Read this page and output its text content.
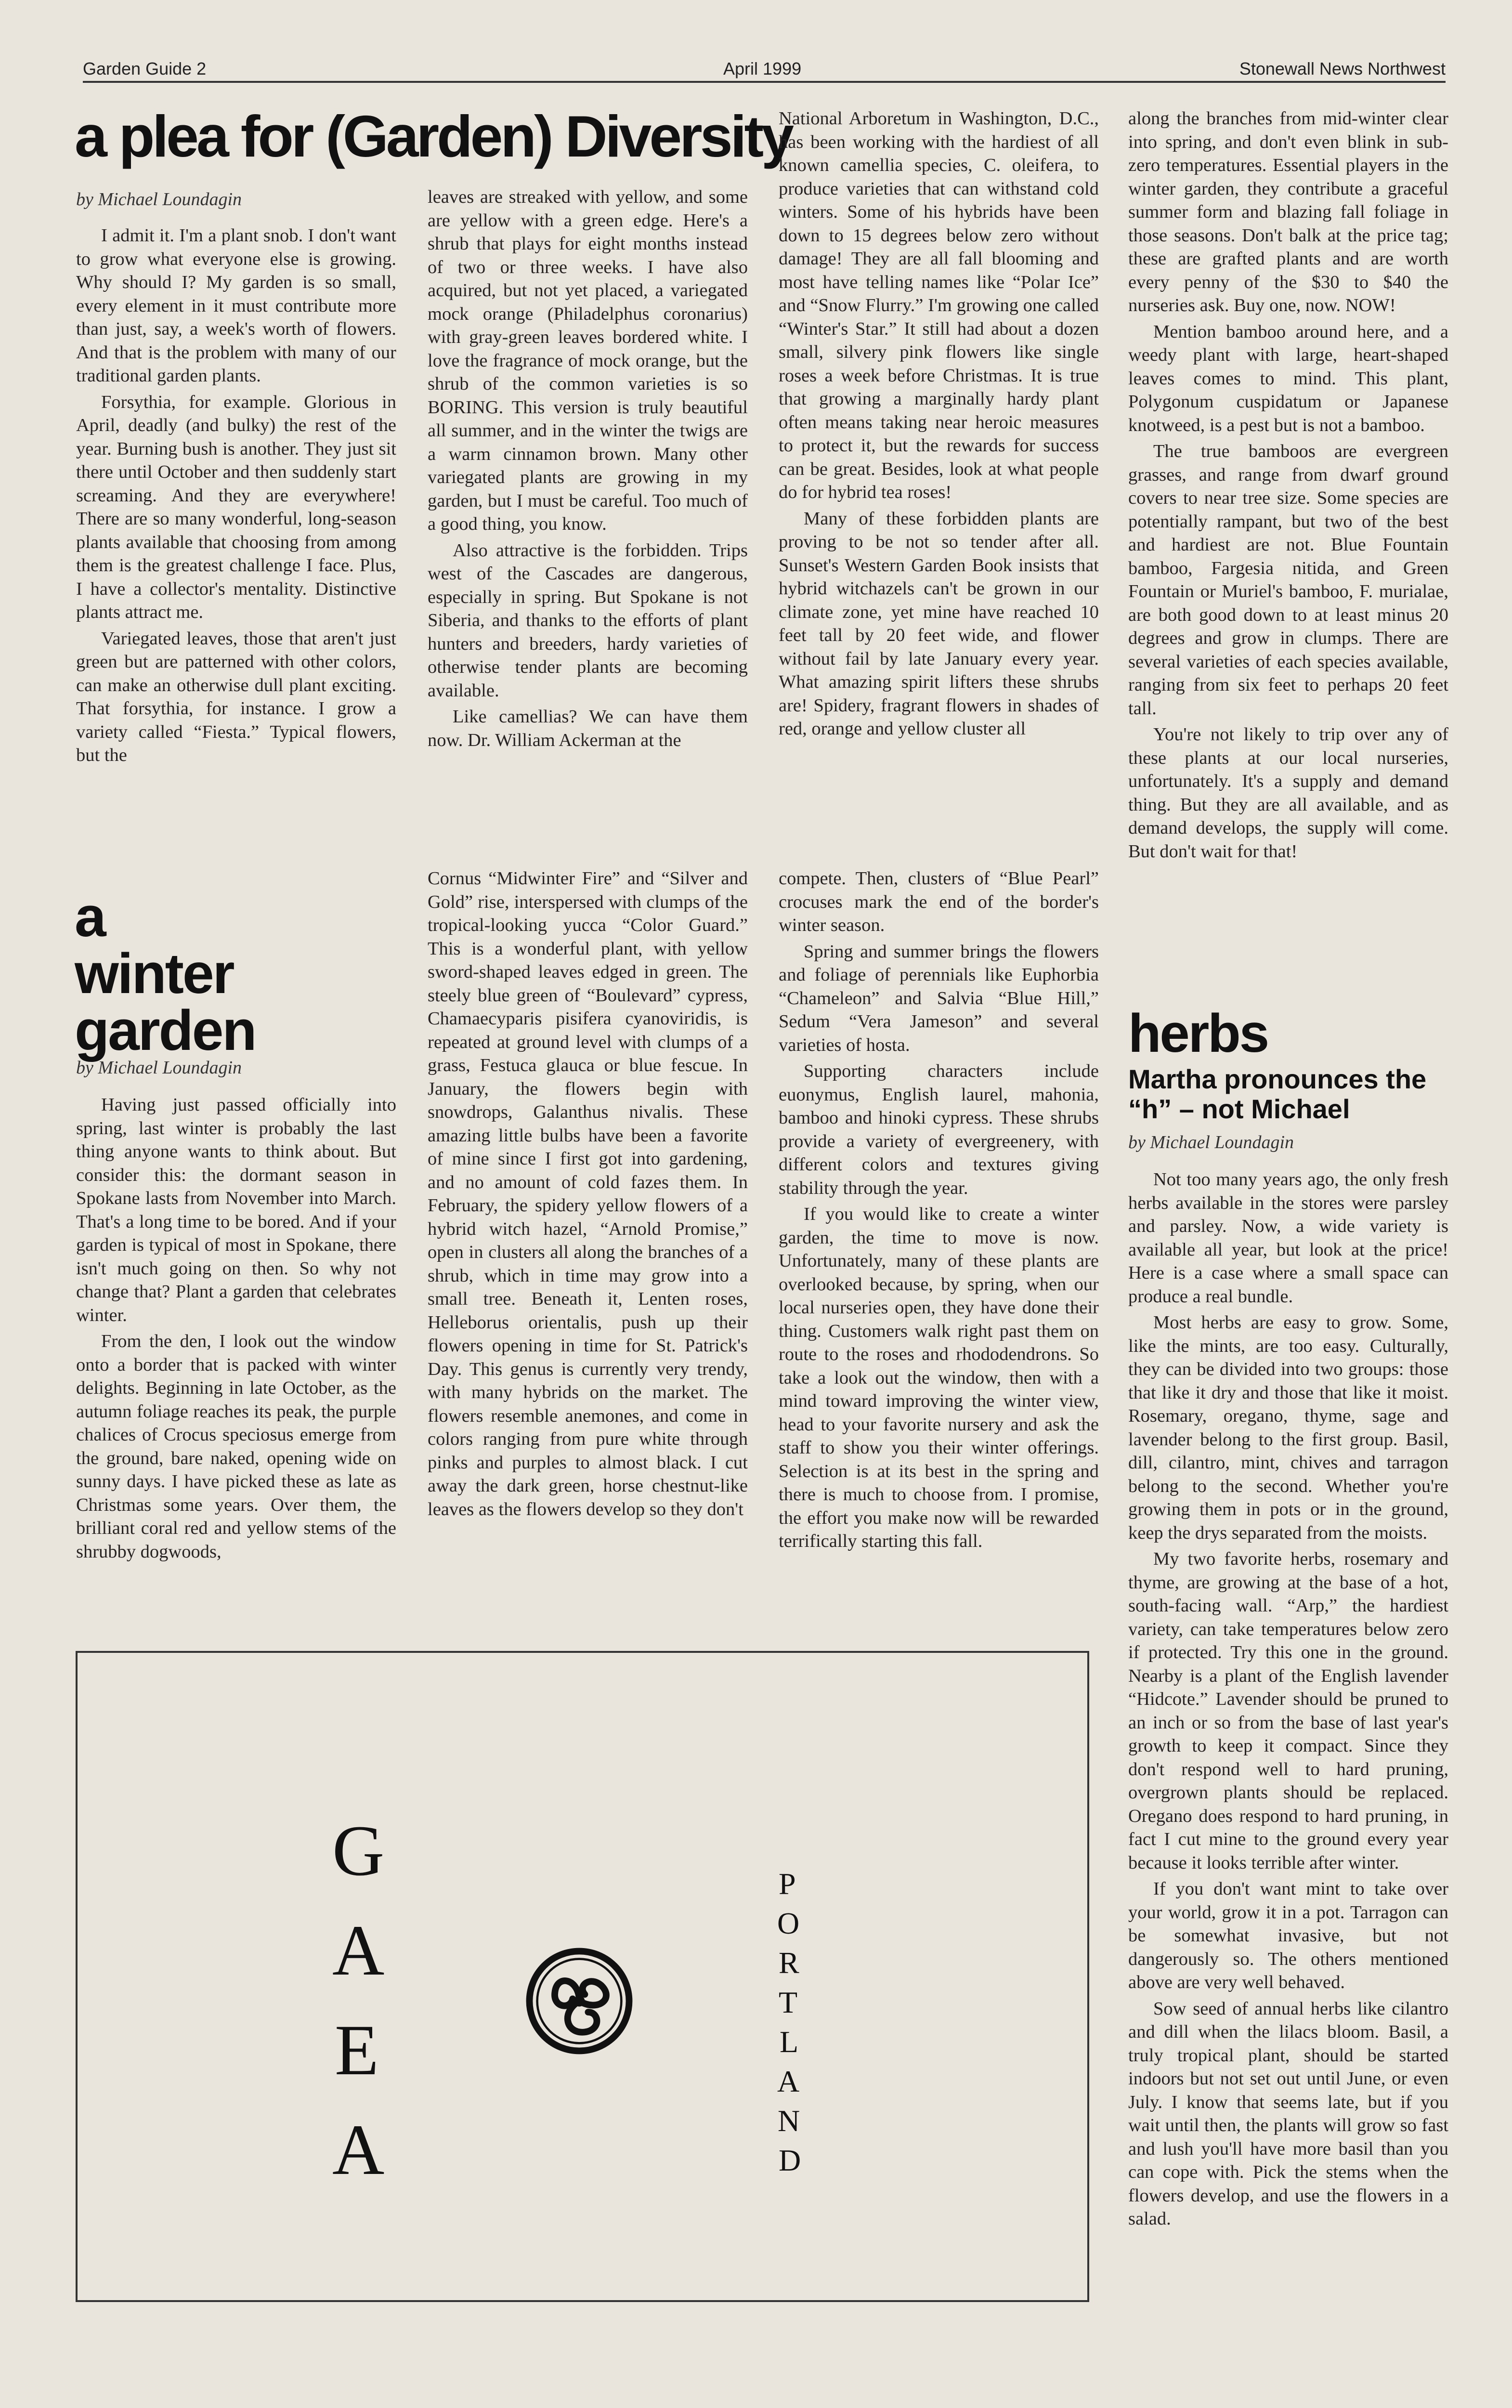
Garden Guide 2	April 1999	Stonewall News Northwest
a plea for (Garden) Diversity

by Michael Loundagin

I admit it. I'm a plant snob. I don't want to grow what everyone else is growing. Why should I? My garden is so small, every element in it must contribute more than just, say, a week's worth of flowers. And that is the problem with many of our traditional garden plants.

Forsythia, for example. Glorious in April, deadly (and bulky) the rest of the year. Burning bush is another. They just sit there until October and then suddenly start screaming. And they are everywhere! There are so many wonderful, long-season plants available that choosing from among them is the greatest challenge I face. Plus, I have a collector's mentality. Distinctive plants attract me.

Variegated leaves, those that aren't just green but are patterned with other colors, can make an otherwise dull plant exciting. That forsythia, for instance. I grow a variety called “Fiesta.” Typical flowers, but the

leaves are streaked with yellow, and some are yellow with a green edge. Here's a shrub that plays for eight months instead of two or three weeks. I have also acquired, but not yet placed, a variegated mock orange (Philadelphus coronarius) with gray-green leaves bordered white. I love the fragrance of mock orange, but the shrub of the common varieties is so BORING. This version is truly beautiful all summer, and in the winter the twigs are a warm cinnamon brown. Many other variegated plants are growing in my garden, but I must be careful. Too much of a good thing, you know.

Also attractive is the forbidden. Trips west of the Cascades are dangerous, especially in spring. But Spokane is not Siberia, and thanks to the efforts of plant hunters and breeders, hardy varieties of otherwise tender plants are becoming available.

Like camellias? We can have them now. Dr. William Ackerman at the

National Arboretum in Washington, D.C., has been working with the hardiest of all known camellia species, C. oleifera, to produce varieties that can withstand cold winters. Some of his hybrids have been down to 15 degrees below zero without damage! They are all fall blooming and most have telling names like “Polar Ice” and “Snow Flurry.” I'm growing one called “Winter's Star.” It still had about a dozen small, silvery pink flowers like single roses a week before Christmas. It is true that growing a marginally hardy plant often means taking near heroic measures to protect it, but the rewards for success can be great. Besides, look at what people do for hybrid tea roses!

Many of these forbidden plants are proving to be not so tender after all. Sunset's Western Garden Book insists that hybrid witchazels can't be grown in our climate zone, yet mine have reached 10 feet tall by 20 feet wide, and flower without fail by late January every year. What amazing spirit lifters these shrubs are! Spidery, fragrant flowers in shades of red, orange and yellow cluster all

along the branches from mid-winter clear into spring, and don't even blink in sub-zero temperatures. Essential players in the winter garden, they contribute a graceful summer form and blazing fall foliage in those seasons. Don't balk at the price tag; these are grafted plants and are worth every penny of the $30 to $40 the nurseries ask. Buy one, now. NOW!

Mention bamboo around here, and a weedy plant with large, heart-shaped leaves comes to mind. This plant, Polygonum cuspidatum or Japanese knotweed, is a pest but is not a bamboo.

The true bamboos are evergreen grasses, and range from dwarf ground covers to near tree size. Some species are potentially rampant, but two of the best and hardiest are not. Blue Fountain bamboo, Fargesia nitida, and Green Fountain or Muriel's bamboo, F. murialae, are both good down to at least minus 20 degrees and grow in clumps. There are several varieties of each species available, ranging from six feet to perhaps 20 feet tall.

You're not likely to trip over any of these plants at our local nurseries, unfortunately. It's a supply and demand thing. But they are all available, and as demand develops, the supply will come. But don't wait for that!

a
winter
garden

by Michael Loundagin

Having just passed officially into spring, last winter is probably the last thing anyone wants to think about. But consider this: the dormant season in Spokane lasts from November into March. That's a long time to be bored. And if your garden is typical of most in Spokane, there isn't much going on then. So why not change that? Plant a garden that celebrates winter.

From the den, I look out the window onto a border that is packed with winter delights. Beginning in late October, as the autumn foliage reaches its peak, the purple chalices of Crocus speciosus emerge from the ground, bare naked, opening wide on sunny days. I have picked these as late as Christmas some years. Over them, the brilliant coral red and yellow stems of the shrubby dogwoods,

Cornus “Midwinter Fire” and “Silver and Gold” rise, interspersed with clumps of the tropical-looking yucca “Color Guard.” This is a wonderful plant, with yellow sword-shaped leaves edged in green. The steely blue green of “Boulevard” cypress, Chamaecyparis pisifera cyanoviridis, is repeated at ground level with clumps of a grass, Festuca glauca or blue fescue. In January, the flowers begin with snowdrops, Galanthus nivalis. These amazing little bulbs have been a favorite of mine since I first got into gardening, and no amount of cold fazes them. In February, the spidery yellow flowers of a hybrid witch hazel, “Arnold Promise,” open in clusters all along the branches of a shrub, which in time may grow into a small tree. Beneath it, Lenten roses, Helleborus orientalis, push up their flowers opening in time for St. Patrick's Day. This genus is currently very trendy, with many hybrids on the market. The flowers resemble anemones, and come in colors ranging from pure white through pinks and purples to almost black. I cut away the dark green, horse chestnut-like leaves as the flowers develop so they don't

compete. Then, clusters of “Blue Pearl” crocuses mark the end of the border's winter season.

Spring and summer brings the flowers and foliage of perennials like Euphorbia “Chameleon” and Salvia “Blue Hill,” Sedum “Vera Jameson” and several varieties of hosta.

Supporting characters include euonymus, English laurel, mahonia, bamboo and hinoki cypress. These shrubs provide a variety of evergreenery, with different colors and textures giving stability through the year.

If you would like to create a winter garden, the time to move is now. Unfortunately, many of these plants are overlooked because, by spring, when our local nurseries open, they have done their thing. Customers walk right past them on route to the roses and rhododendrons. So take a look out the window, then with a mind toward improving the winter view, head to your favorite nursery and ask the staff to show you their winter offerings. Selection is at its best in the spring and there is much to choose from. I promise, the effort you make now will be rewarded terrifically starting this fall.

herbs
Martha pronounces the “h” – not Michael

by Michael Loundagin

Not too many years ago, the only fresh herbs available in the stores were parsley and parsley. Now, a wide variety is available all year, but look at the price! Here is a case where a small space can produce a real bundle.

Most herbs are easy to grow. Some, like the mints, are too easy. Culturally, they can be divided into two groups: those that like it dry and those that like it moist. Rosemary, oregano, thyme, sage and lavender belong to the first group. Basil, dill, cilantro, mint, chives and tarragon belong to the second. Whether you're growing them in pots or in the ground, keep the drys separated from the moists.

My two favorite herbs, rosemary and thyme, are growing at the base of a hot, south-facing wall. “Arp,” the hardiest variety, can take temperatures below zero if protected. Try this one in the ground. Nearby is a plant of the English lavender “Hidcote.” Lavender should be pruned to an inch or so from the base of last year's growth to keep it compact. Since they don't respond well to hard pruning, overgrown plants should be replaced. Oregano does respond to hard pruning, in fact I cut mine to the ground every year because it looks terrible after winter.

If you don't want mint to take over your world, grow it in a pot. Tarragon can be somewhat invasive, but not dangerously so. The others mentioned above are very well behaved.

Sow seed of annual herbs like cilantro and dill when the lilacs bloom. Basil, a truly tropical plant, should be started indoors but not set out until June, or even July. I know that seems late, but if you wait until then, the plants will grow so fast and lush you'll have more basil than you can cope with. Pick the stems when the flowers develop, and use the flowers in a salad.

G
A
E
A
P
O
R
T
L
A
N
D
